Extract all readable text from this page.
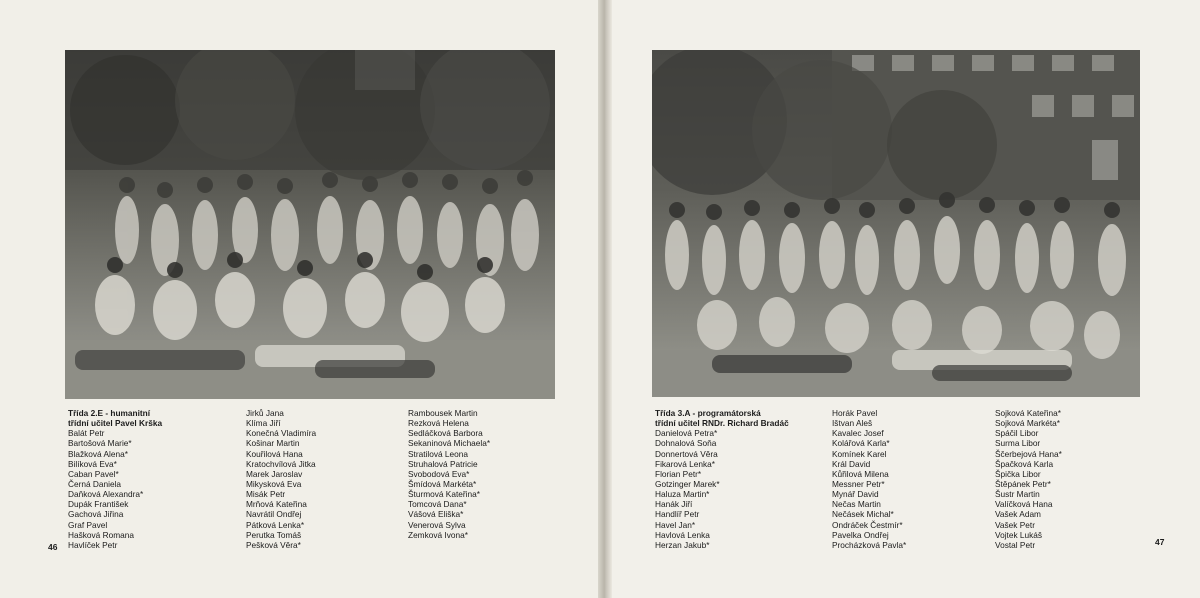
Třída 2.E - humanitní
třídní učitel Pavel Krška
Balát Petr
Bartošová Marie*
Blažková Alena*
Bilíková Eva*
Caban Pavel*
Černá Daniela
Daňková Alexandra*
Dupák František
Gachová Jiřina
Graf Pavel
Hašková Romana
Havlíček Petr
Jirků Jana
Klíma Jiří
Konečná Vladimíra
Košinar Martin
Kouřilová Hana
Kratochvílová Jitka
Marek Jaroslav
Mikysková Eva
Misák Petr
Mrňová Kateřina
Navrátil Ondřej
Pátková Lenka*
Perutka Tomáš
Pešková Věra*
Rambousek Martin
Rezková Helena
Sedláčková Barbora
Sekaninová Michaela*
Stratilová Leona
Struhalová Patricie
Svobodová Eva*
Šmídová Markéta*
Šturmová Kateřina*
Tomcová Dana*
Vášová Eliška*
Venerová Sylva
Zemková Ivona*
46	47
Třída 3.A - programátorská
třídní učitel RNDr. Richard Bradáč
Danielová Petra*
Dohnalová Soňa
Donnertová Věra
Fikarová Lenka*
Florian Petr*
Gotzinger Marek*
Haluza Martin*
Hanák Jiří
Handlíř Petr
Havel Jan*
Havlová Lenka
Herzan Jakub*
Horák Pavel
Ištvan Aleš
Kavalec Josef
Kolářová Karla*
Komínek Karel
Král David
Kůřilová Milena
Messner Petr*
Mynář David
Nečas Martin
Nečásek Michal*
Ondráček Čestmír*
Pavelka Ondřej
Procházková Pavla*
Sojková Kateřina*
Sojková Markéta*
Spáčil Libor
Surma Libor
Ščerbejová Hana*
Špačková Karla
Špička Libor
Štěpánek Petr*
Šustr Martin
Valíčková Hana
Vašek Adam
Vašek Petr
Vojtek Lukáš
Vostal Petr
